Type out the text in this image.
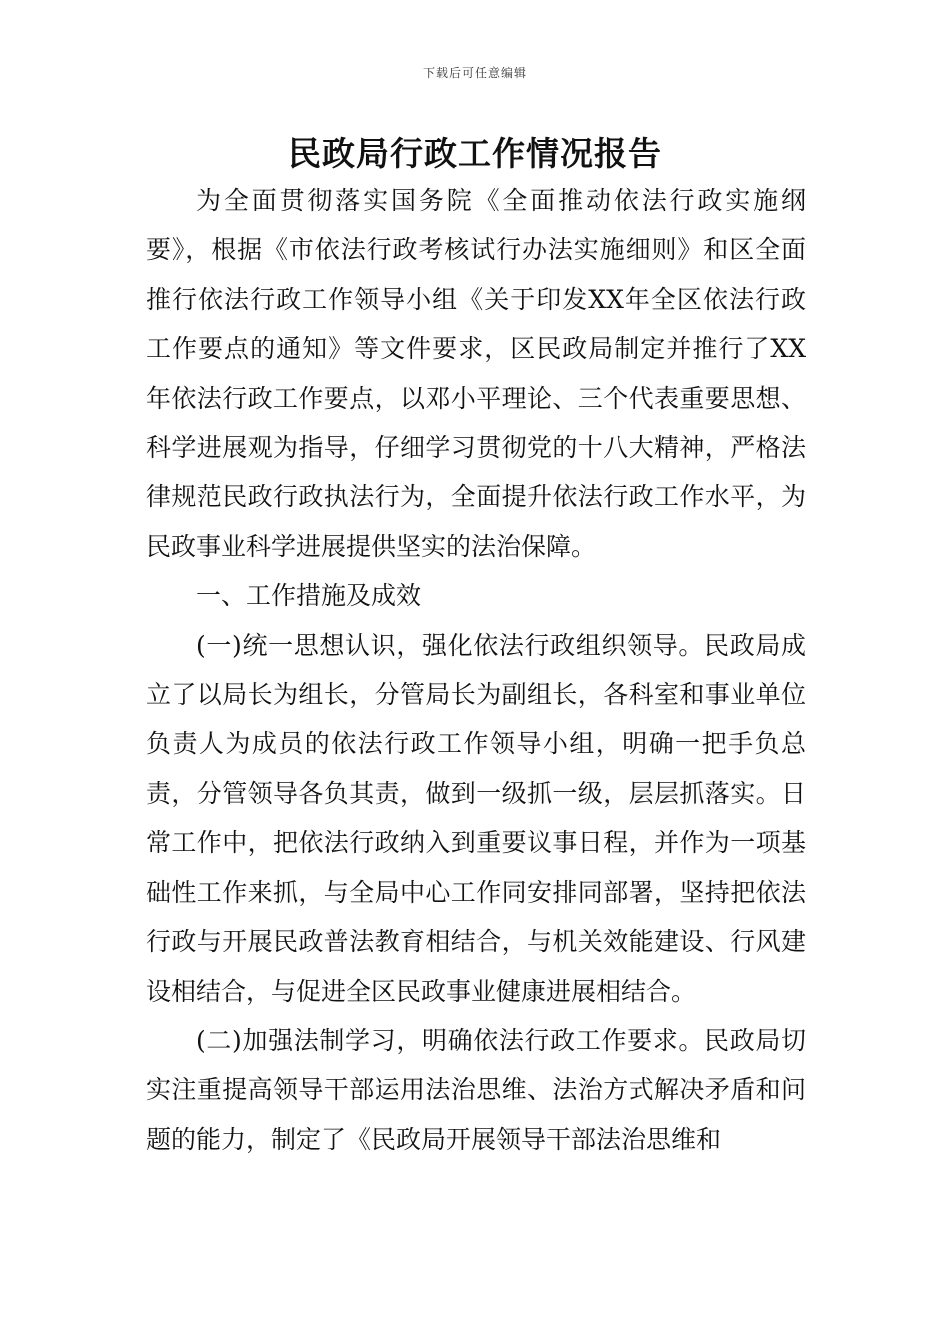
下载后可任意编辑
民政局行政工作情况报告

为全面贯彻落实国务院《全面推动依法行政实施纲要》，根据《市依法行政考核试行办法实施细则》和区全面推行依法行政工作领导小组《关于印发XX年全区依法行政工作要点的通知》等文件要求，区民政局制定并推行了XX年依法行政工作要点，以邓小平理论、三个代表重要思想、科学进展观为指导，仔细学习贯彻党的十八大精神，严格法律规范民政行政执法行为，全面提升依法行政工作水平，为民政事业科学进展提供坚实的法治保障。

一、工作措施及成效

(一)统一思想认识，强化依法行政组织领导。民政局成立了以局长为组长，分管局长为副组长，各科室和事业单位负责人为成员的依法行政工作领导小组，明确一把手负总责，分管领导各负其责，做到一级抓一级，层层抓落实。日常工作中，把依法行政纳入到重要议事日程，并作为一项基础性工作来抓，与全局中心工作同安排同部署，坚持把依法行政与开展民政普法教育相结合，与机关效能建设、行风建设相结合，与促进全区民政事业健康进展相结合。

(二)加强法制学习，明确依法行政工作要求。民政局切实注重提高领导干部运用法治思维、法治方式解决矛盾和问题的能力，制定了《民政局开展领导干部法治思维和
